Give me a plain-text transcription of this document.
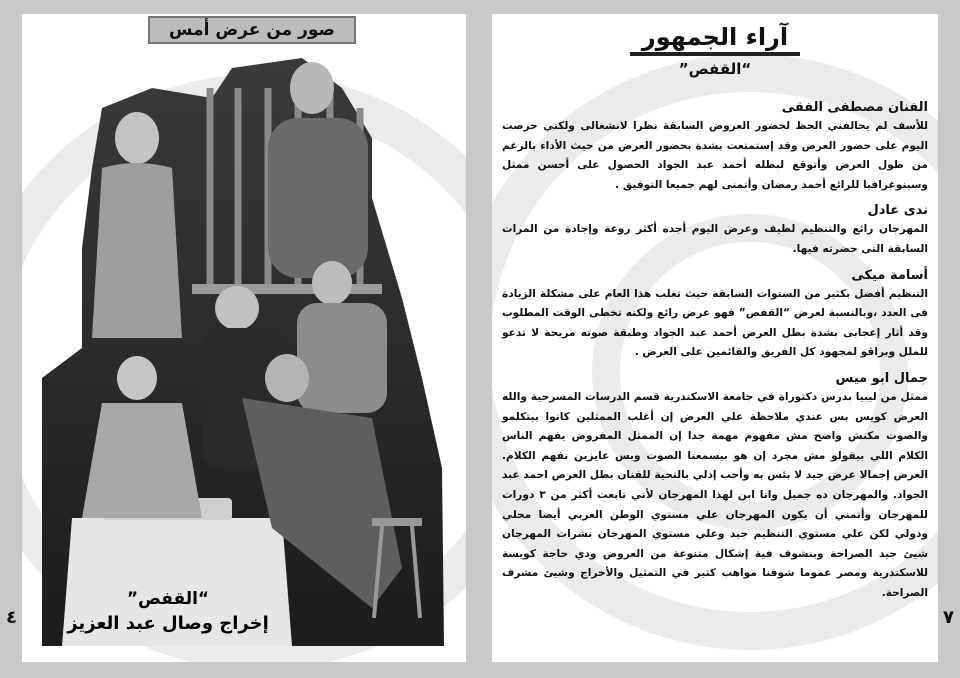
صور من عرض أمس
“القفص”
إخراج وصال عبد العزيز
٤
آراء الجمهور
“القفص”

الفنان مصطفى الفقى

للأسف لم يحالفني الحظ لحضور العروض السابقة نظرا لانشغالى ولكني حرصت اليوم على حضور العرض وقد إستمتعت بشدة بحضور العرض من حيث الأداء بالرغم من طول العرض وأتوقع لبطله أحمد عبد الجواد الحصول على أحسن ممثل وسينوغرافيا للرائع أحمد رمضان وأتمنى لهم جميعا التوفيق .

ندى عادل

المهرجان رائع والتنظيم لطيف وعرض اليوم أجده أكثر روعة وإجادة من المرات السابقة التى حضرته فيها.

أسامة ميكى

التنظيم أفضل بكثير من السنوات السابقة حيث تغلب هذا العام على مشكلة الزيادة فى العدد ،وبالنسبة لعرض “القفص” فهو عرض رائع ولكنه تخطى الوقت المطلوب وقد أثار إعجابى بشدة بطل العرض أحمد عبد الجواد وطبقة صوته مريحة لا تدعو للملل وبراڤو لمجهود كل الفريق والقائمين على العرض .

جمال ابو ميس

ممثل من ليبيا بدرس دكتوراة في جامعة الاسكندرية قسم الدرسات المسرحية والله العرض كويس بس عندي ملاحظة علي العرض إن أغلب الممثلين كانوا بيتكلمو والصوت مكنش واضح مش مفهوم مهمة جدا إن الممثل المفروض يفهم الناس الكلام اللي بيقولو مش مجرد إن هو بيسمعنا الصوت وبس عايزين نفهم الكلام. العرض إجمالا عرض جيد لا بئس به وأحب إدلي بالتحية للفنان بطل العرض احمد عبد الجواد. والمهرجان ده جميل وانا ابن لهذا المهرجان لأني تابعت أكثر من ٣ دورات للمهرجان وأتمني أن يكون المهرجان علي مستوي الوطن العربي أيضا محلي ودولي لكن علي مستوي التنظيم جيد وعلي مستوي المهرجان نشرات المهرجان شيئ جيد الصراحة وبنشوف فية إشكال متنوعة من العروض ودي حاجة كويسة للاسكندرية ومصر عموما شوفنا مواهب كتير في التمثيل والأخراج وشيئ مشرف الصراحة.

٧
